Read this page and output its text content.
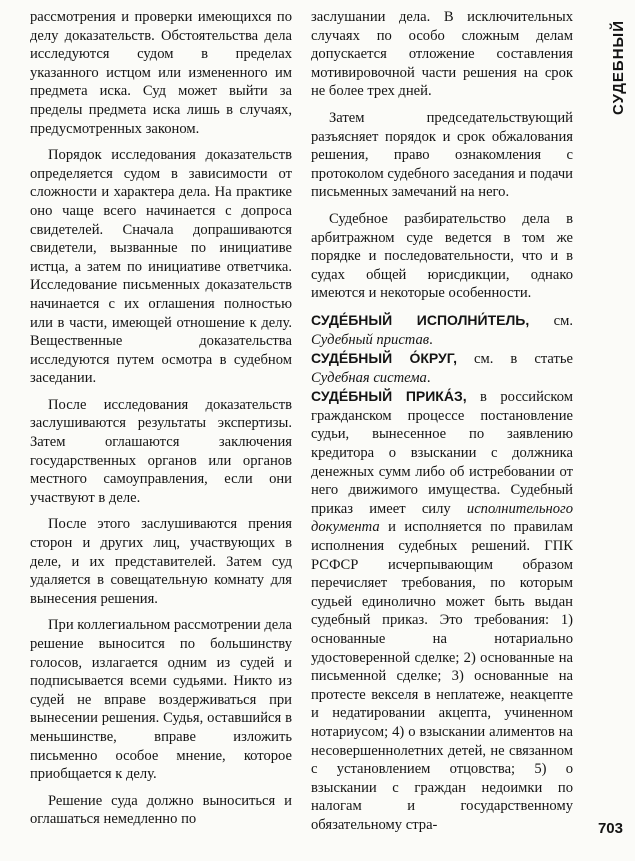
рассмотрения и проверки имеющихся по делу доказательств. Обстоятельства дела исследуются судом в пределах указанного истцом или измененного им предмета иска. Суд может выйти за пределы предмета иска лишь в случаях, предусмотренных законом.

Порядок исследования доказательств определяется судом в зависимости от сложности и характера дела. На практике оно чаще всего начинается с допроса свидетелей. Сначала допрашиваются свидетели, вызванные по инициативе истца, а затем по инициативе ответчика. Исследование письменных доказательств начинается с их оглашения полностью или в части, имеющей отношение к делу. Вещественные доказательства исследуются путем осмотра в судебном заседании.

После исследования доказательств заслушиваются результаты экспертизы. Затем оглашаются заключения государственных органов или органов местного самоуправления, если они участвуют в деле.

После этого заслушиваются прения сторон и других лиц, участвующих в деле, и их представителей. Затем суд удаляется в совещательную комнату для вынесения решения.

При коллегиальном рассмотрении дела решение выносится по большинству голосов, излагается одним из судей и подписывается всеми судьями. Никто из судей не вправе воздерживаться при вынесении решения. Судья, оставшийся в меньшинстве, вправе изложить письменно особое мнение, которое приобщается к делу.

Решение суда должно выноситься и оглашаться немедленно по

заслушании дела. В исключительных случаях по особо сложным делам допускается отложение составления мотивировочной части решения на срок не более трех дней.

Затем председательствующий разъясняет порядок и срок обжалования решения, право ознакомления с протоколом судебного заседания и подачи письменных замечаний на него.

Судебное разбирательство дела в арбитражном суде ведется в том же порядке и последовательности, что и в судах общей юрисдикции, однако имеются и некоторые особенности.

СУДЕ́БНЫЙ ИСПОЛНИ́ТЕЛЬ, см. Судебный пристав.

СУДЕ́БНЫЙ О́КРУГ, см. в статье Судебная система.

СУДЕ́БНЫЙ ПРИКА́З, в российском гражданском процессе постановление судьи, вынесенное по заявлению кредитора о взыскании с должника денежных сумм либо об истребовании от него движимого имущества. Судебный приказ имеет силу исполнительного документа и исполняется по правилам исполнения судебных решений. ГПК РСФСР исчерпывающим образом перечисляет требования, по которым судьей единолично может быть выдан судебный приказ. Это требования: 1) основанные на нотариально удостоверенной сделке; 2) основанные на письменной сделке; 3) основанные на протесте векселя в неплатеже, неакцепте и недатировании акцепта, учиненном нотариусом; 4) о взыскании алиментов на несовершеннолетних детей, не связанном с установлением отцовства; 5) о взыскании с граждан недоимки по налогам и государственному обязательному стра-

СУДЕБНЫЙ
703
